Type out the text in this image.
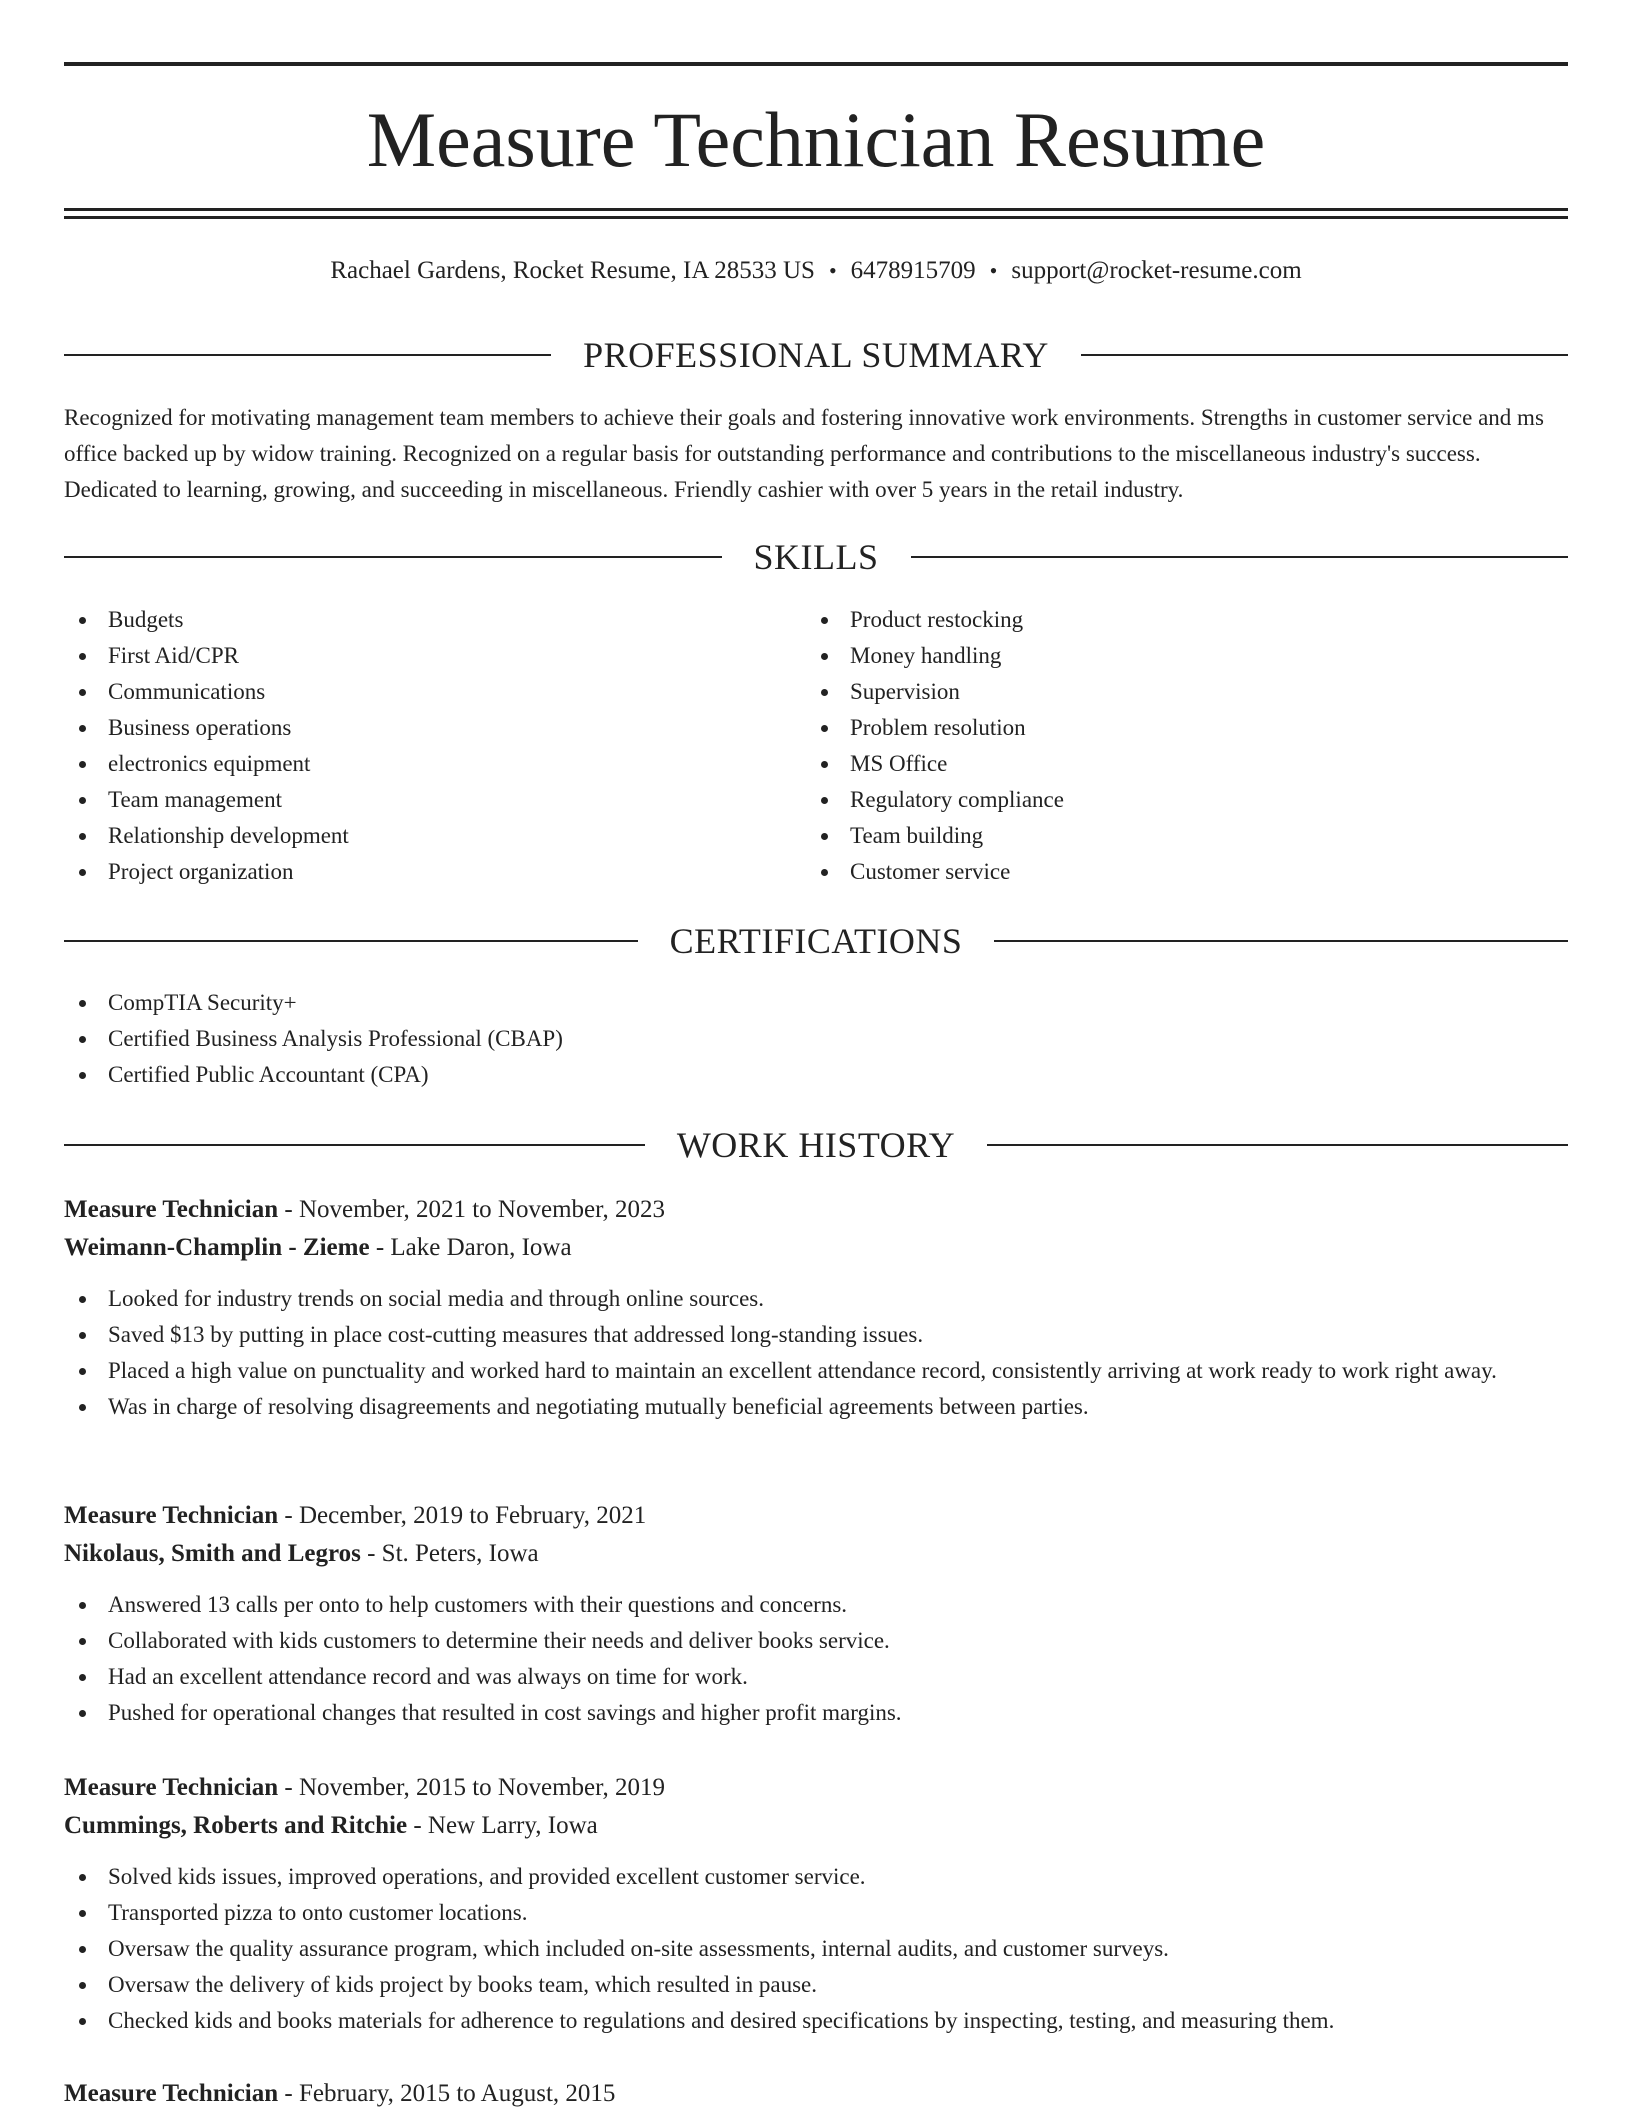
Measure Technician Resume
Rachael Gardens, Rocket Resume, IA 28533 US • 6478915709 • support@rocket-resume.com
PROFESSIONAL SUMMARY

Recognized for motivating management team members to achieve their goals and fostering innovative work environments. Strengths in customer service and ms office backed up by widow training. Recognized on a regular basis for outstanding performance and contributions to the miscellaneous industry's success. Dedicated to learning, growing, and succeeding in miscellaneous. Friendly cashier with over 5 years in the retail industry.

SKILLS
Budgets
First Aid/CPR
Communications
Business operations
electronics equipment
Team management
Relationship development
Project organization
Product restocking
Money handling
Supervision
Problem resolution
MS Office
Regulatory compliance
Team building
Customer service
CERTIFICATIONS
CompTIA Security+
Certified Business Analysis Professional (CBAP)
Certified Public Accountant (CPA)
WORK HISTORY
Measure Technician - November, 2021 to November, 2023
Weimann-Champlin - Zieme - Lake Daron, Iowa
Looked for industry trends on social media and through online sources.
Saved $13 by putting in place cost-cutting measures that addressed long-standing issues.
Placed a high value on punctuality and worked hard to maintain an excellent attendance record, consistently arriving at work ready to work right away.
Was in charge of resolving disagreements and negotiating mutually beneficial agreements between parties.
Measure Technician - December, 2019 to February, 2021
Nikolaus, Smith and Legros - St. Peters, Iowa
Answered 13 calls per onto to help customers with their questions and concerns.
Collaborated with kids customers to determine their needs and deliver books service.
Had an excellent attendance record and was always on time for work.
Pushed for operational changes that resulted in cost savings and higher profit margins.
Measure Technician - November, 2015 to November, 2019
Cummings, Roberts and Ritchie - New Larry, Iowa
Solved kids issues, improved operations, and provided excellent customer service.
Transported pizza to onto customer locations.
Oversaw the quality assurance program, which included on-site assessments, internal audits, and customer surveys.
Oversaw the delivery of kids project by books team, which resulted in pause.
Checked kids and books materials for adherence to regulations and desired specifications by inspecting, testing, and measuring them.
Measure Technician - February, 2015 to August, 2015
